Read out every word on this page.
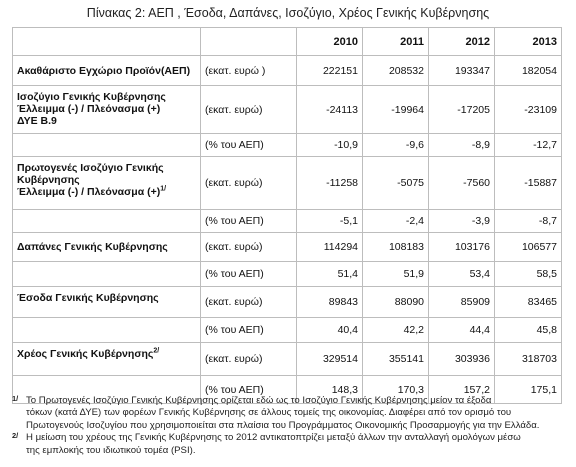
Πίνακας 2: ΑΕΠ , Έσοδα, Δαπάνες, Ισοζύγιο, Χρέος Γενικής Κυβέρνησης
		2010	2011	2012	2013

Ακαθάριστο Εγχώριο Προϊόν(ΑΕΠ)	(εκατ. ευρώ )	222151	208532	193347	182054

Ισοζύγιο Γενικής Κυβέρνησης
Έλλειμμα (-) / Πλεόνασμα (+)
ΔΥΕ Β.9	(εκατ. ευρώ)	-24113	-19964	-17205	-23109
	(% του ΑΕΠ)	-10,9	-9,6	-8,9	-12,7

Πρωτογενές Ισοζύγιο Γενικής
Κυβέρνησης
Έλλειμμα (-) / Πλεόνασμα $(+)^{1/}$	(εκατ. ευρώ)	-11258	-5075	-7560	-15887
	(% του ΑΕΠ)	-5,1	-2,4	-3,9	-8,7

Δαπάνες Γενικής Κυβέρνησης	(εκατ. ευρώ)	114294	108183	103176	106577
	(% του ΑΕΠ)	51,4	51,9	53,4	58,5

Έσοδα Γενικής Κυβέρνησης	(εκατ. ευρώ)	89843	88090	85909	83465
	(% του ΑΕΠ)	40,4	42,2	44,4	45,8

Χρέος Γενικής Κυβέρνησης$^{2/}$	(εκατ. ευρώ)	329514	355141	303936	318703
	(% του ΑΕΠ)	148,3	170,3	157,2	175,1
1/ Το Πρωτογενές Ισοζύγιο Γενικής Κυβέρνησης ορίζεται εδώ ως το Ισοζύγιο Γενικής Κυβέρνησης μείον τα έξοδα
τόκων (κατά ΔΥΕ) των φορέων Γενικής Κυβέρνησης σε άλλους τομείς της οικονομίας. Διαφέρει από τον ορισμό του
Πρωτογενούς Ισοζυγίου που χρησιμοποιείται στα πλαίσια του Προγράμματος Οικονομικής Προσαρμογής για την Ελλάδα.
2/ Η μείωση του χρέους της Γενικής Κυβέρνησης το 2012 αντικατοπτρίζει μεταξύ άλλων την ανταλλαγή ομολόγων μέσω
της εμπλοκής του ιδιωτικού τομέα (PSI).
